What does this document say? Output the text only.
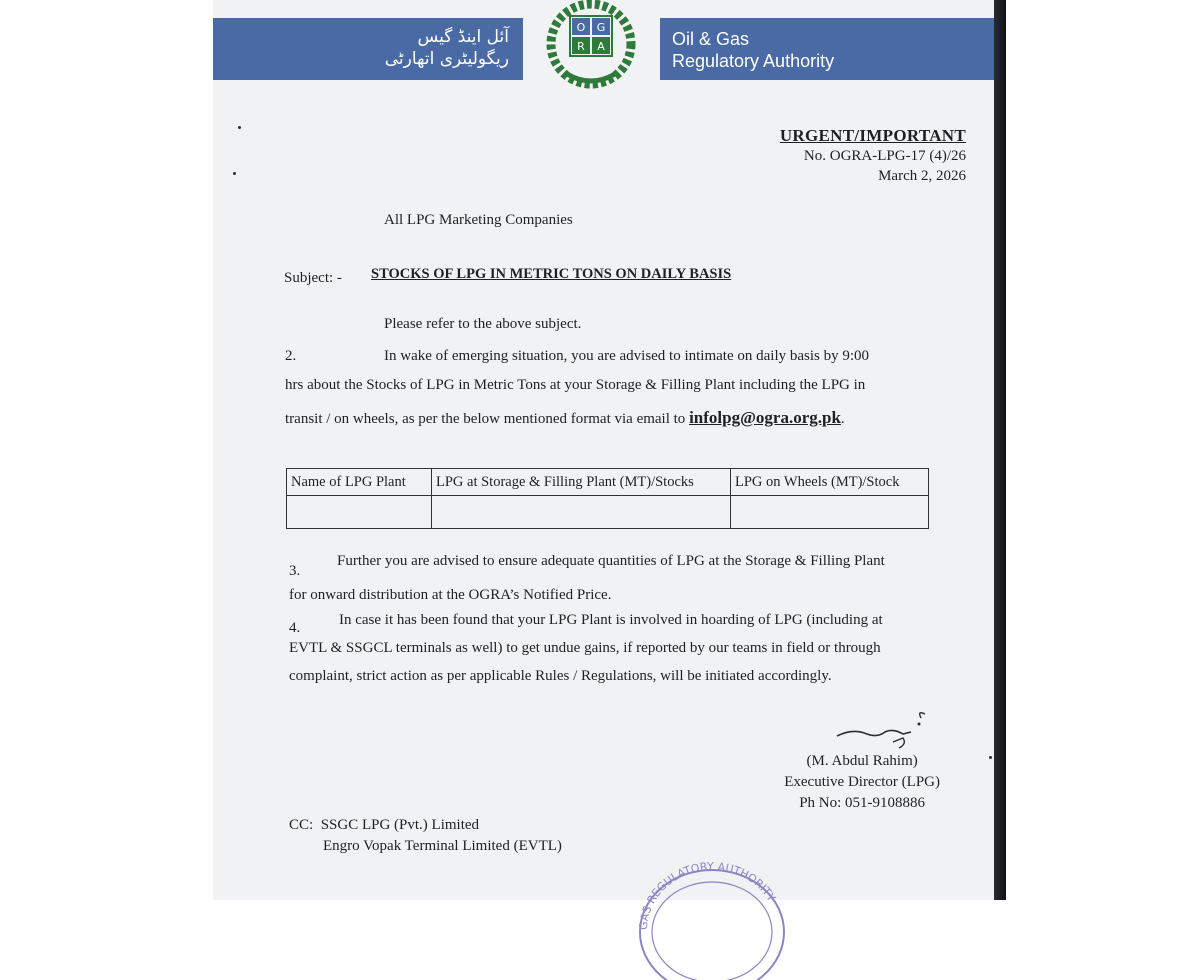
آئل اینڈ گیس
ریگولیٹری اتھارٹی
O G
R A	Oil & Gas
Regulatory Authority
URGENT/IMPORTANT
No. OGRA-LPG-17 (4)/26
March 2, 2026
All LPG Marketing Companies
Subject: - STOCKS OF LPG IN METRIC TONS ON DAILY BASIS
Please refer to the above subject.
2.	In wake of emerging situation, you are advised to intimate on daily basis by 9:00
hrs about the Stocks of LPG in Metric Tons at your Storage & Filling Plant including the LPG in
transit / on wheels, as per the below mentioned format via email to infolpg@ogra.org.pk.
Name of LPG Plant	LPG at Storage & Filling Plant (MT)/Stocks	LPG on Wheels (MT)/Stock

3.
Further you are advised to ensure adequate quantities of LPG at the Storage & Filling Plant
for onward distribution at the OGRA’s Notified Price.
4.	In case it has been found that your LPG Plant is involved in hoarding of LPG (including at
EVTL & SSGCL terminals as well) to get undue gains, if reported by our teams in field or through
complaint, strict action as per applicable Rules / Regulations, will be initiated accordingly.
(M. Abdul Rahim)
Executive Director (LPG)
Ph No: 051-9108886
CC: SSGC LPG (Pvt.) Limited
Engro Vopak Terminal Limited (EVTL)
GAS REGULATORY AUTHORITY
